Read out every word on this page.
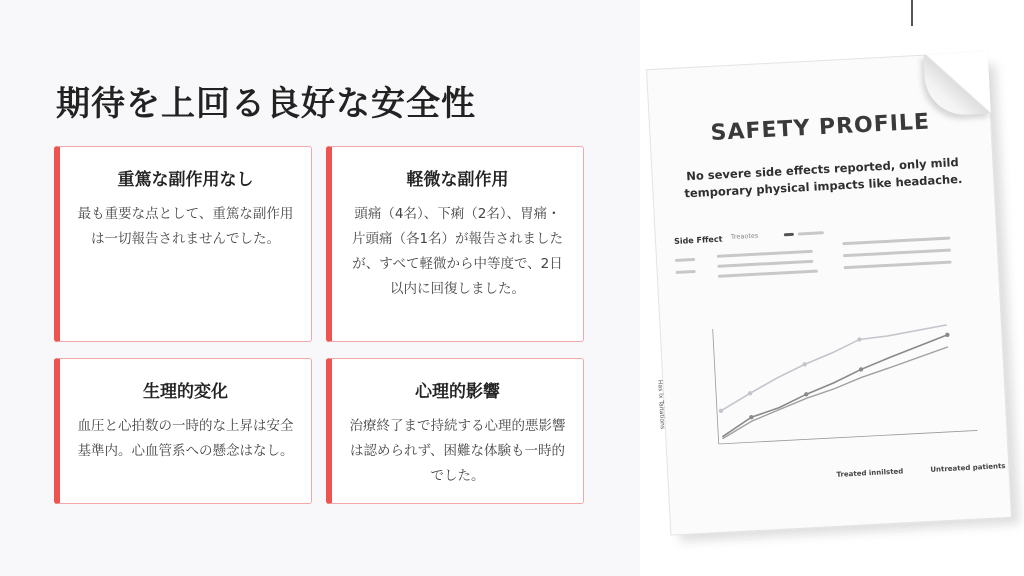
期待を上回る良好な安全性
重篤な副作用なし

最も重要な点として、重篤な副作用は一切報告されませんでした。

軽微な副作用

頭痛（4名）、下痢（2名）、胃痛・片頭痛（各1名）が報告されましたが、すべて軽微から中等度で、2日以内に回復しました。

生理的変化

血圧と心拍数の一時的な上昇は安全基準内。心血管系への懸念はなし。

心理的影響

治療終了まで持続する心理的悪影響は認められず、困難な体験も一時的でした。

SAFETY PROFILE
No severe side effects reported, only mild temporary physical impacts like headache.
Side Fffect Treaotes
Has Ix Taitations
Treated innilsted	Untreated patients
